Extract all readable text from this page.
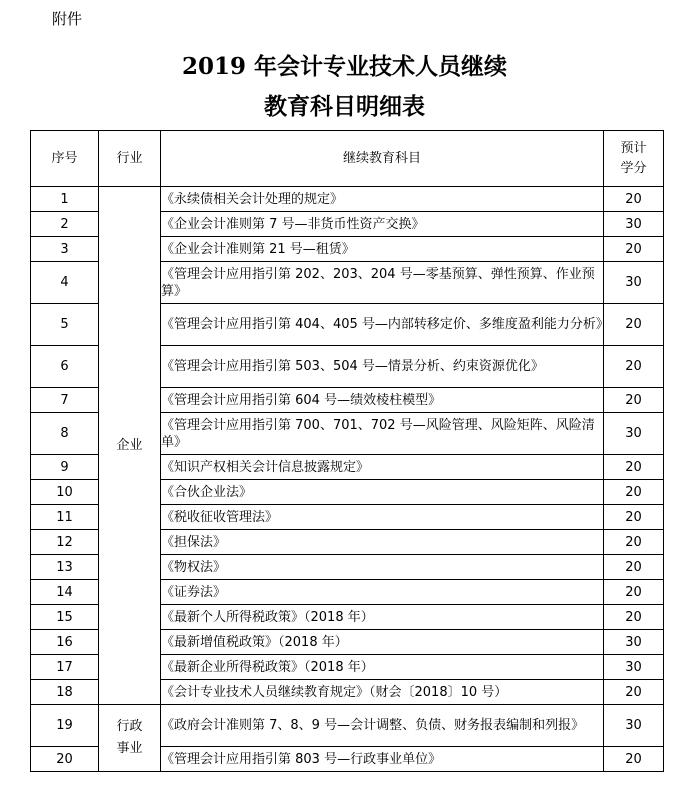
附件
2019 年会计专业技术人员继续
教育科目明细表
序号	行业	继续教育科目	预计
学分
1	企业	《永续债相关会计处理的规定》	20
2		《企业会计准则第 7 号—非货币性资产交换》	30
3		《企业会计准则第 21 号—租赁》	20
4		《管理会计应用指引第 202、203、204 号—零基预算、弹性预算、作业预算》	30
5		《管理会计应用指引第 404、405 号—内部转移定价、多维度盈利能力分析》	20
6		《管理会计应用指引第 503、504 号—情景分析、约束资源优化》	20
7		《管理会计应用指引第 604 号—绩效棱柱模型》	20
8		《管理会计应用指引第 700、701、702 号—风险管理、风险矩阵、风险清单》	30
9		《知识产权相关会计信息披露规定》	20
10		《合伙企业法》	20
11		《税收征收管理法》	20
12		《担保法》	20
13		《物权法》	20
14		《证券法》	20
15		《最新个人所得税政策》（2018 年）	20
16		《最新增值税政策》（2018 年）	30
17		《最新企业所得税政策》（2018 年）	30
18		《会计专业技术人员继续教育规定》（财会〔2018〕10 号）	20
19	行政
事业	《政府会计准则第 7、8、9 号—会计调整、负债、财务报表编制和列报》	30
20		《管理会计应用指引第 803 号—行政事业单位》	20
